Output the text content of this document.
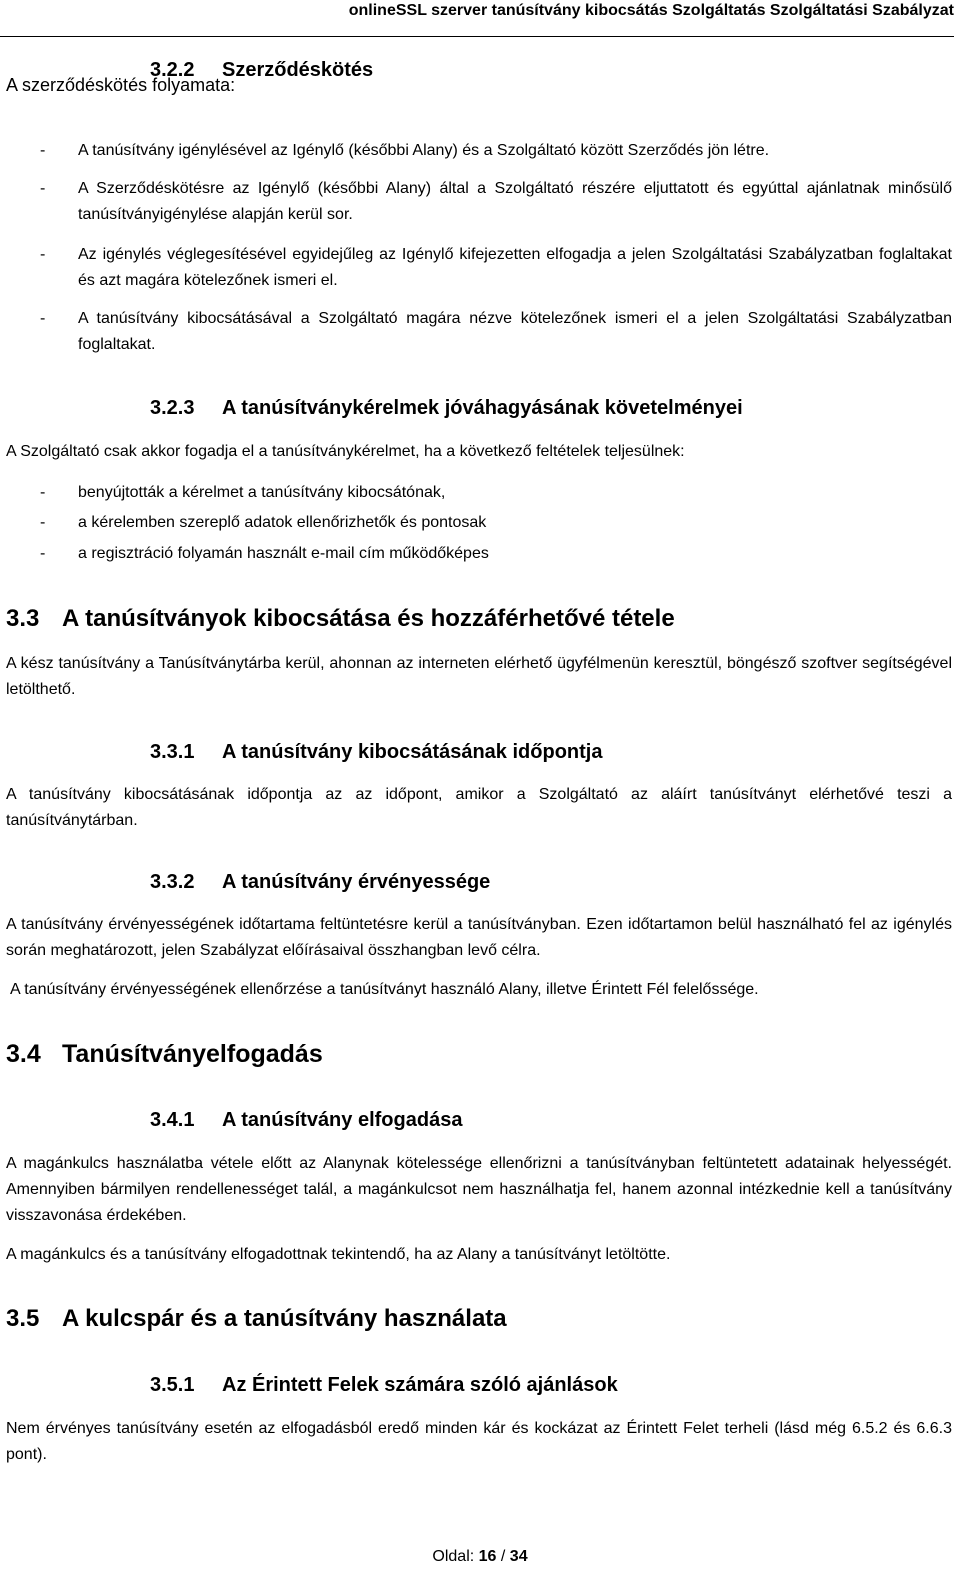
onlineSSL szerver tanúsítvány kibocsátás Szolgáltatás Szolgáltatási Szabályzat
3.2.2 Szerződéskötés
A szerződéskötés folyamata:
- A tanúsítvány igénylésével az Igénylő (későbbi Alany) és a Szolgáltató között Szerződés jön létre.
- A Szerződéskötésre az Igénylő (későbbi Alany) által a Szolgáltató részére eljuttatott és egyúttal ajánlatnak minősülő tanúsítványigénylése alapján kerül sor.
- Az igénylés véglegesítésével egyidejűleg az Igénylő kifejezetten elfogadja a jelen Szolgáltatási Szabályzatban foglaltakat és azt magára kötelezőnek ismeri el.
- A tanúsítvány kibocsátásával a Szolgáltató magára nézve kötelezőnek ismeri el a jelen Szolgáltatási Szabályzatban foglaltakat.
3.2.3 A tanúsítványkérelmek jóváhagyásának követelményei
A Szolgáltató csak akkor fogadja el a tanúsítványkérelmet, ha a következő feltételek teljesülnek:
- benyújtották a kérelmet a tanúsítvány kibocsátónak,
- a kérelemben szereplő adatok ellenőrizhetők és pontosak
- a regisztráció folyamán használt e-mail cím működőképes
3.3 A tanúsítványok kibocsátása és hozzáférhetővé tétele
A kész tanúsítvány a Tanúsítványtárba kerül, ahonnan az interneten elérhető ügyfélmenün keresztül, böngésző szoftver segítségével letölthető.
3.3.1 A tanúsítvány kibocsátásának időpontja
A tanúsítvány kibocsátásának időpontja az az időpont, amikor a Szolgáltató az aláírt tanúsítványt elérhetővé teszi a tanúsítványtárban.
3.3.2 A tanúsítvány érvényessége
A tanúsítvány érvényességének időtartama feltüntetésre kerül a tanúsítványban. Ezen időtartamon belül használható fel az igénylés során meghatározott, jelen Szabályzat előírásaival összhangban levő célra.
A tanúsítvány érvényességének ellenőrzése a tanúsítványt használó Alany, illetve Érintett Fél felelőssége.
3.4 Tanúsítványelfogadás
3.4.1 A tanúsítvány elfogadása
A magánkulcs használatba vétele előtt az Alanynak kötelessége ellenőrizni a tanúsítványban feltüntetett adatainak helyességét. Amennyiben bármilyen rendellenességet talál, a magánkulcsot nem használhatja fel, hanem azonnal intézkednie kell a tanúsítvány visszavonása érdekében.
A magánkulcs és a tanúsítvány elfogadottnak tekintendő, ha az Alany a tanúsítványt letöltötte.
3.5 A kulcspár és a tanúsítvány használata
3.5.1 Az Érintett Felek számára szóló ajánlások
Nem érvényes tanúsítvány esetén az elfogadásból eredő minden kár és kockázat az Érintett Felet terheli (lásd még 6.5.2 és 6.6.3 pont).
Oldal: 16 / 34
